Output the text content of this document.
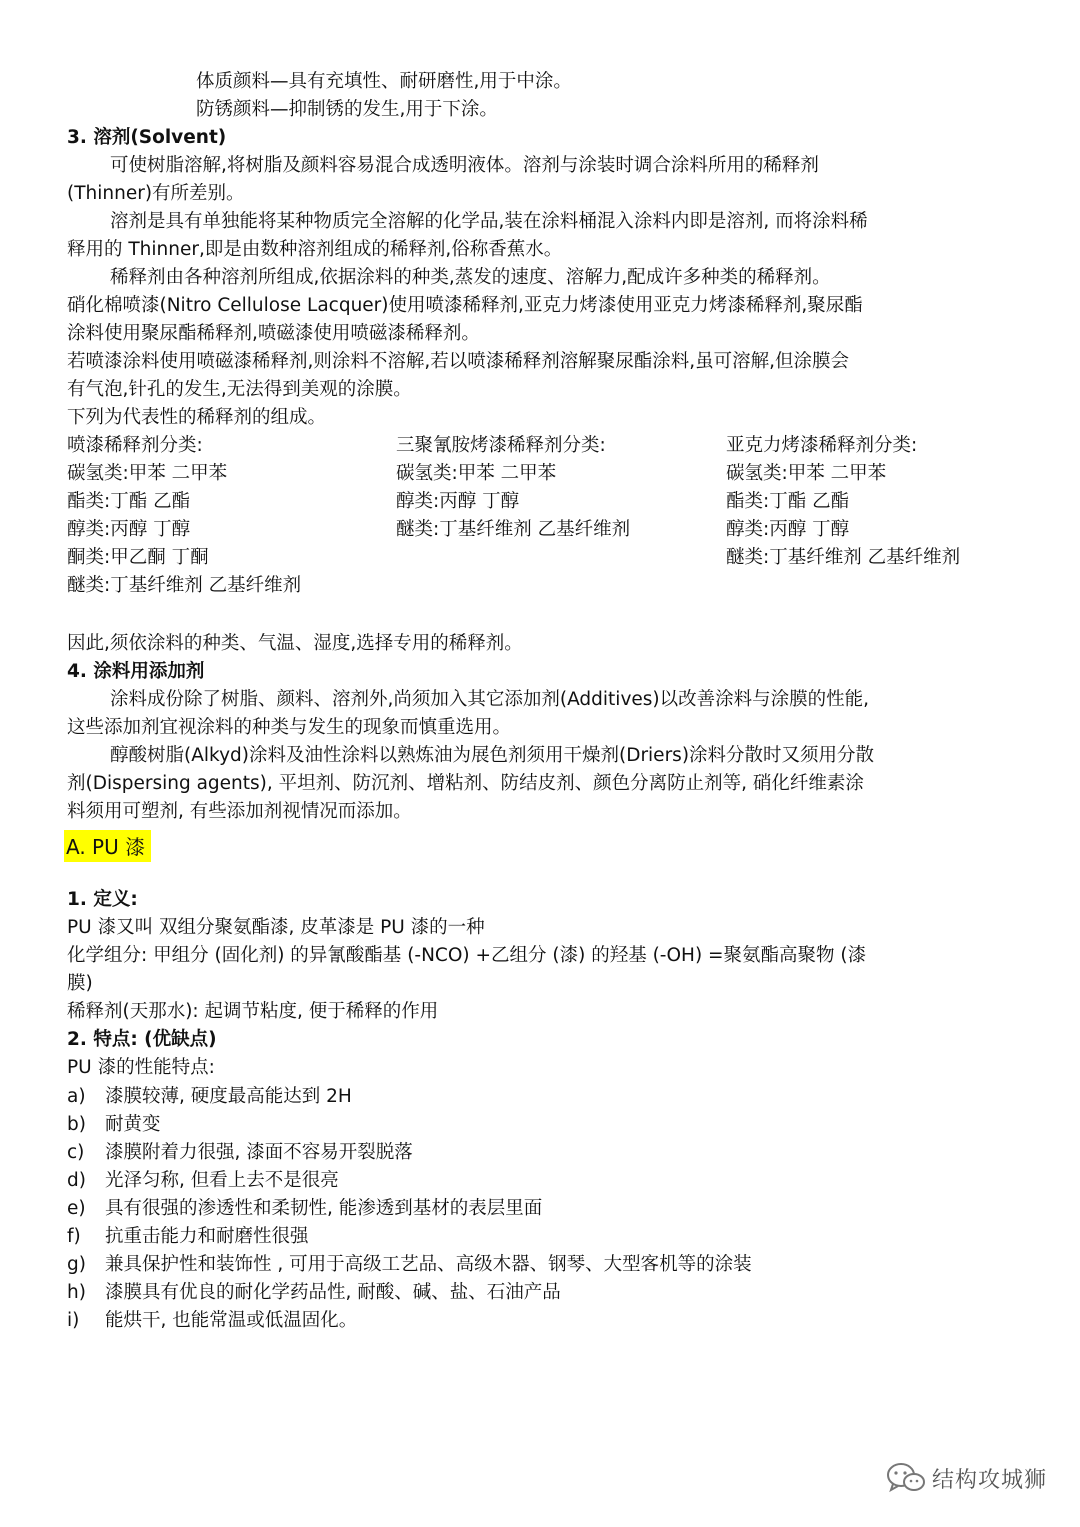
体质颜料—具有充填性、耐研磨性,用于中涂。

防锈颜料—抑制锈的发生,用于下涂。

3. 溶剂(Solvent)

可使树脂溶解,将树脂及颜料容易混合成透明液体。溶剂与涂装时调合涂料所用的稀释剂

(Thinner)有所差别。

溶剂是具有单独能将某种物质完全溶解的化学品,装在涂料桶混入涂料内即是溶剂, 而将涂料稀

释用的 Thinner,即是由数种溶剂组成的稀释剂,俗称香蕉水。

稀释剂由各种溶剂所组成,依据涂料的种类,蒸发的速度、溶解力,配成许多种类的稀释剂。

硝化棉喷漆(Nitro Cellulose Lacquer)使用喷漆稀释剂,亚克力烤漆使用亚克力烤漆稀释剂,聚尿酯

涂料使用聚尿酯稀释剂,喷磁漆使用喷磁漆稀释剂。

若喷漆涂料使用喷磁漆稀释剂,则涂料不溶解,若以喷漆稀释剂溶解聚尿酯涂料,虽可溶解,但涂膜会

有气泡,针孔的发生,无法得到美观的涂膜。

下列为代表性的稀释剂的组成。

喷漆稀释剂分类:

碳氢类:甲苯 二甲苯

酯类:丁酯 乙酯

醇类:丙醇 丁醇

酮类:甲乙酮 丁酮

醚类:丁基纤维剂 乙基纤维剂

三聚氰胺烤漆稀释剂分类:

碳氢类:甲苯 二甲苯

醇类:丙醇 丁醇

醚类:丁基纤维剂 乙基纤维剂

亚克力烤漆稀释剂分类:

碳氢类:甲苯 二甲苯

酯类:丁酯 乙酯

醇类:丙醇 丁醇

醚类:丁基纤维剂 乙基纤维剂

因此,须依涂料的种类、气温、湿度,选择专用的稀释剂。

4. 涂料用添加剂

涂料成份除了树脂、颜料、溶剂外,尚须加入其它添加剂(Additives)以改善涂料与涂膜的性能,

这些添加剂宜视涂料的种类与发生的现象而慎重选用。

醇酸树脂(Alkyd)涂料及油性涂料以熟炼油为展色剂须用干燥剂(Driers)涂料分散时又须用分散

剂(Dispersing agents), 平坦剂、防沉剂、增粘剂、防结皮剂、颜色分离防止剂等, 硝化纤维素涂

料须用可塑剂, 有些添加剂视情况而添加。

A. PU 漆

1. 定义:

PU 漆又叫 双组分聚氨酯漆, 皮革漆是 PU 漆的一种

化学组分: 甲组分 (固化剂) 的异氰酸酯基 (-NCO) +乙组分 (漆) 的羟基 (-OH) =聚氨酯高聚物 (漆

膜)

稀释剂(天那水): 起调节粘度, 便于稀释的作用

2. 特点: (优缺点)

PU 漆的性能特点:

a) 漆膜较薄, 硬度最高能达到 2H

b) 耐黄变

c) 漆膜附着力很强, 漆面不容易开裂脱落

d) 光泽匀称, 但看上去不是很亮

e) 具有很强的渗透性和柔韧性, 能渗透到基材的表层里面

f) 抗重击能力和耐磨性很强

g) 兼具保护性和装饰性 , 可用于高级工艺品、高级木器、钢琴、大型客机等的涂装

h) 漆膜具有优良的耐化学药品性, 耐酸、碱、盐、石油产品

i) 能烘干, 也能常温或低温固化。

结构攻城狮
